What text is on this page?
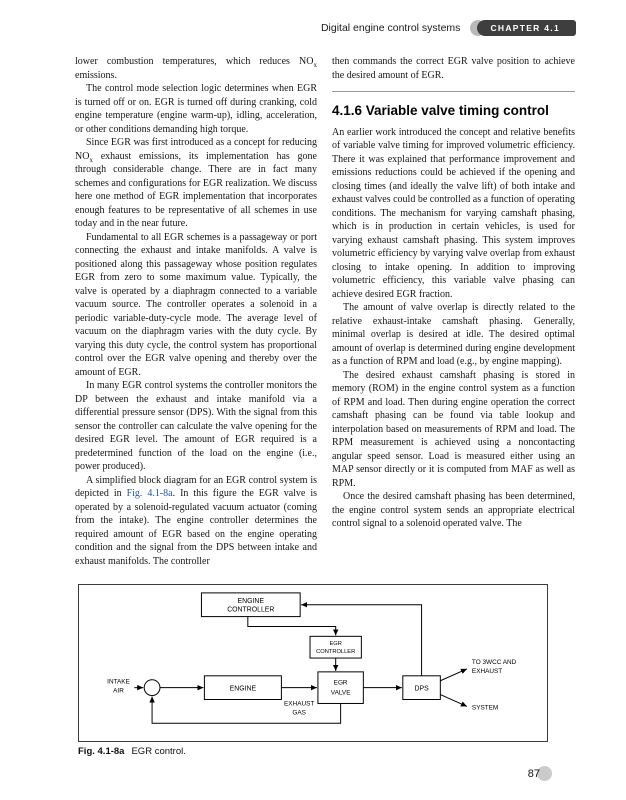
Digital engine control systems	CHAPTER 4.1

lower combustion temperatures, which reduces $NO_x$ emissions.

The control mode selection logic determines when EGR is turned off or on. EGR is turned off during cranking, cold engine temperature (engine warm-up), idling, acceleration, or other conditions demanding high torque.

Since EGR was first introduced as a concept for reducing $NO_x$ exhaust emissions, its implementation has gone through considerable change. There are in fact many schemes and configurations for EGR realization. We discuss here one method of EGR implementation that incorporates enough features to be representative of all schemes in use today and in the near future.

Fundamental to all EGR schemes is a passageway or port connecting the exhaust and intake manifolds. A valve is positioned along this passageway whose position regulates EGR from zero to some maximum value. Typically, the valve is operated by a diaphragm connected to a variable vacuum source. The controller operates a solenoid in a periodic variable-duty-cycle mode. The average level of vacuum on the diaphragm varies with the duty cycle. By varying this duty cycle, the control system has proportional control over the EGR valve opening and thereby over the amount of EGR.

In many EGR control systems the controller monitors the DP between the exhaust and intake manifold via a differential pressure sensor (DPS). With the signal from this sensor the controller can calculate the valve opening for the desired EGR level. The amount of EGR required is a predetermined function of the load on the engine (i.e., power produced).

A simplified block diagram for an EGR control system is depicted in Fig. 4.1-8a. In this figure the EGR valve is operated by a solenoid-regulated vacuum actuator (coming from the intake). The engine controller determines the required amount of EGR based on the engine operating condition and the signal from the DPS between intake and exhaust manifolds. The controller

then commands the correct EGR valve position to achieve the desired amount of EGR.

4.1.6 Variable valve timing control

An earlier work introduced the concept and relative benefits of variable valve timing for improved volumetric efficiency. There it was explained that performance improvement and emissions reductions could be achieved if the opening and closing times (and ideally the valve lift) of both intake and exhaust valves could be controlled as a function of operating conditions. The mechanism for varying camshaft phasing, which is in production in certain vehicles, is used for varying exhaust camshaft phasing. This system improves volumetric efficiency by varying valve overlap from exhaust closing to intake opening. In addition to improving volumetric efficiency, this variable valve phasing can achieve desired EGR fraction.

The amount of valve overlap is directly related to the relative exhaust-intake camshaft phasing. Generally, minimal overlap is desired at idle. The desired optimal amount of overlap is determined during engine development as a function of RPM and load (e.g., by engine mapping).

The desired exhaust camshaft phasing is stored in memory (ROM) in the engine control system as a function of RPM and load. Then during engine operation the correct camshaft phasing can be found via table lookup and interpolation based on measurements of RPM and load. The RPM measurement is achieved using a noncontacting angular speed sensor. Load is measured either using an MAP sensor directly or it is computed from MAF as well as RPM.

Once the desired camshaft phasing has been determined, the engine control system sends an appropriate electrical control signal to a solenoid operated valve. The

ENGINE
CONTROLLER
EGR
CONTROLLER
ENGINE
EGR
VALVE
DPS
INTAKE
AIR
EXHAUST
GAS
TO 3WCC AND
EXHAUST
SYSTEM

Fig. 4.1-8a EGR control.

87
